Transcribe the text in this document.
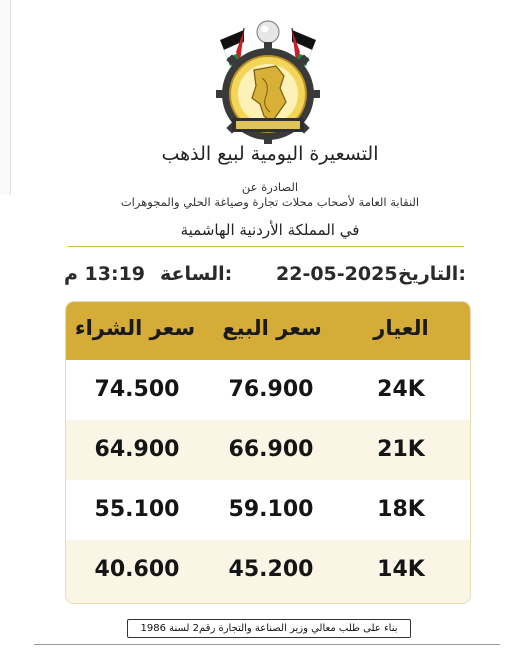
التسعيرة اليومية لبيع الذهب
الصادرة عن
النقابة العامة لأصحاب محلات تجارة وصياغة الحلي والمجوهرات
في المملكة الأردنية الهاشمية
التاريخ:
22-05-2025
الساعة:
13:19 م
العيار
سعر البيع
سعر الشراء
24K
76.900
74.500
21K
66.900
64.900
18K
59.100
55.100
14K
45.200
40.600
بناء على طلب معالي وزير الصناعة والتجارة رقم2 لسنة 1986
